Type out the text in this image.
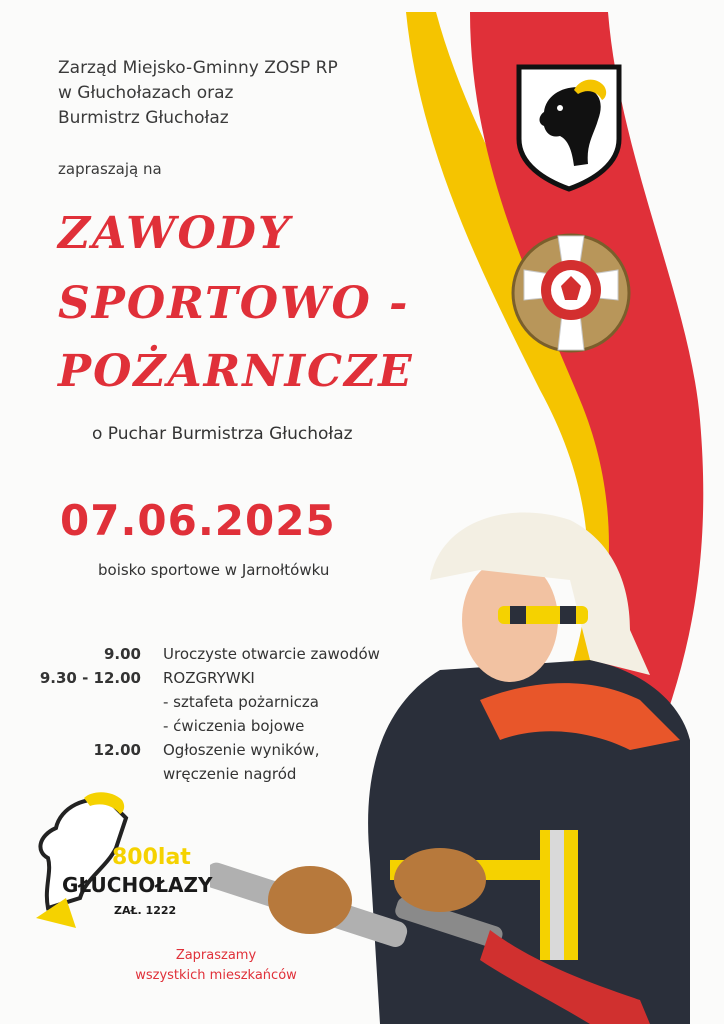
Zarząd Miejsko-Gminny ZOSP RP
w Głuchołazach oraz
Burmistrz Głuchołaz
zapraszają na
ZAWODY
SPORTOWO -
POŻARNICZE
o Puchar Burmistrza Głuchołaz
07.06.2025
boisko sportowe w Jarnołtówku
9.00	Uroczyste otwarcie zawodów
9.30 - 12.00	ROZGRYWKI
- sztafeta pożarnicza
- ćwiczenia bojowe
12.00	Ogłoszenie wyników,
wręczenie nagród
800lat
GŁUCHOŁAZY
ZAŁ. 1222
Zapraszamy
wszystkich mieszkańców
